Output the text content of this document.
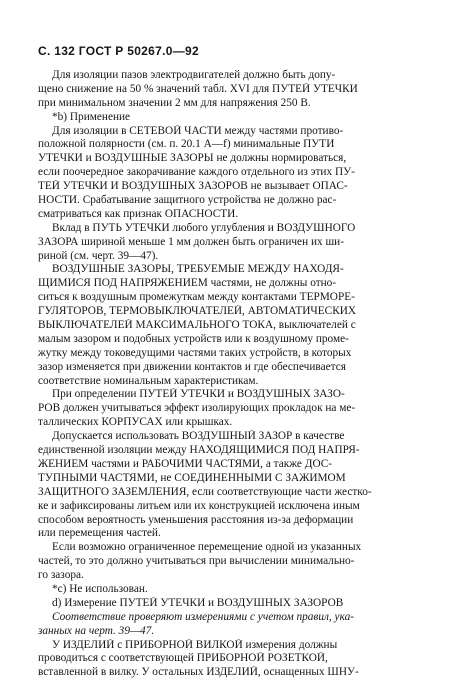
С. 132 ГОСТ Р 50267.0—92
Для изоляции пазов электродвигателей должно быть допу-
щено снижение на 50 % значений табл. XVI для ПУТЕЙ УТЕЧКИ
при минимальном значении 2 мм для напряжения 250 В.
*b) Применение
Для изоляции в СЕТЕВОЙ ЧАСТИ между частями противо-
положной полярности (см. п. 20.1 A—f) минимальные ПУТИ
УТЕЧКИ и ВОЗДУШНЫЕ ЗАЗОРЫ не должны нормироваться,
если поочередное закорачивание каждого отдельного из этих ПУ-
ТЕЙ УТЕЧКИ И ВОЗДУШНЫХ ЗАЗОРОВ не вызывает ОПАС-
НОСТИ. Срабатывание защитного устройства не должно рас-
сматриваться как признак ОПАСНОСТИ.
Вклад в ПУТЬ УТЕЧКИ любого углубления и ВОЗДУШНОГО
ЗАЗОРА шириной меньше 1 мм должен быть ограничен их ши-
риной (см. черт. 39—47).
ВОЗДУШНЫЕ ЗАЗОРЫ, ТРЕБУЕМЫЕ МЕЖДУ НАХОДЯ-
ЩИМИСЯ ПОД НАПРЯЖЕНИЕМ частями, не должны отно-
ситься к воздушным промежуткам между контактами ТЕРМОРЕ-
ГУЛЯТОРОВ, ТЕРМОВЫКЛЮЧАТЕЛЕЙ, АВТОМАТИЧЕСКИХ
ВЫКЛЮЧАТЕЛЕЙ МАКСИМАЛЬНОГО ТОКА, выключателей с
малым зазором и подобных устройств или к воздушному проме-
жутку между токоведущими частями таких устройств, в которых
зазор изменяется при движении контактов и где обеспечивается
соответствие номинальным характеристикам.
При определении ПУТЕЙ УТЕЧКИ и ВОЗДУШНЫХ ЗАЗО-
РОВ должен учитываться эффект изолирующих прокладок на ме-
таллических КОРПУСАХ или крышках.
Допускается использовать ВОЗДУШНЫЙ ЗАЗОР в качестве
единственной изоляции между НАХОДЯЩИМИСЯ ПОД НАПРЯ-
ЖЕНИЕМ частями и РАБОЧИМИ ЧАСТЯМИ, а также ДОС-
ТУПНЫМИ ЧАСТЯМИ, не СОЕДИНЕННЫМИ С ЗАЖИМОМ
ЗАЩИТНОГО ЗАЗЕМЛЕНИЯ, если соответствующие части жестко-
ке и зафиксированы литьем или их конструкцией исключена иным
способом вероятность уменьшения расстояния из-за деформации
или перемещения частей.
Если возможно ограниченное перемещение одной из указанных
частей, то это должно учитываться при вычислении минимально-
го зазора.
*с) Не использован.
d) Измерение ПУТЕЙ УТЕЧКИ и ВОЗДУШНЫХ ЗАЗОРОВ
Соответствие проверяют измерениями с учетом правил, ука-
занных на черт. 39—47.
У ИЗДЕЛИЙ с ПРИБОРНОЙ ВИЛКОЙ измерения должны
проводиться с соответствующей ПРИБОРНОЙ РОЗЕТКОЙ,
вставленной в вилку. У остальных ИЗДЕЛИЙ, оснащенных ШНУ-
